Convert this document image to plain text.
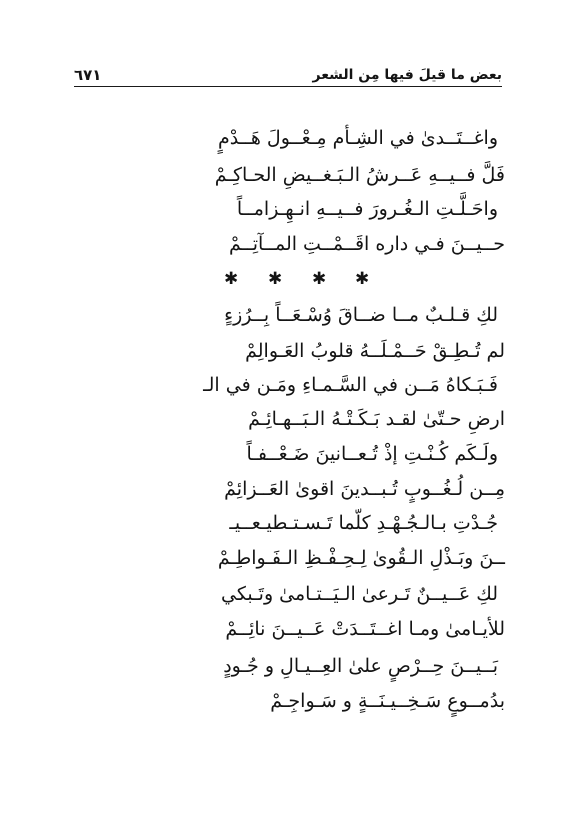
بعض ما قيلَ فيها مِن الشعر
٦٧١
واغــتَــدىٰ في الشِـأم مِـعْــولَ هَــدْمٍ
فَلَّ فــيــهِ عَــرشُ الـبَـغــيضِ الحـاكِـمْ
واحَـلَّـتِ الـغُـرورَ فــيــهِ انـهِـزامــاً
حــيــنَ فـي داره اقَــمْــتِ المــآتِــمْ
✱ ✱ ✱ ✱
لكِ قـلـبٌ مــا ضــاقَ وُسْـعَــاً بِــرُزءٍ
لم تُـطِـقْ حَــمْـلَــهُ قلوبُ العَـوالِمْ
فَـبَـكاهُ مَــن في السَّـمـاءِ ومَـن في الـ
ارضِ حـتّىٰ لقـد بَـكَـتْـهُ الـبَــهـائِـمْ
ولَـكَم كُـنْـتِ إذْ تُـعــانينَ ضَـعْــفـاً
مِــن لُـغُــوبٍ تُـبــدينَ اقوىٰ العَــزائِمْ
جُـدْتِ بـالـجُـهْـدِ كلّما تَـسـتـطيـعــيـ
ــنَ وبَـذْلِ الـقُوىٰ لِـحِـفْـظِ الـفَـواطِـمْ
لكِ عَــيــنٌ تَـرعىٰ الـيَــتـامىٰ وتَـبكي
للأيـامىٰ ومـا اغــتَــدَتْ عَــيــنَ نائِــمْ
بَــيــنَ حِــرْصٍ علىٰ العِــيـالِ و جُـودٍ
بدُمــوعٍ سَـخِــيـنَــةٍ و سَـواجِـمْ
